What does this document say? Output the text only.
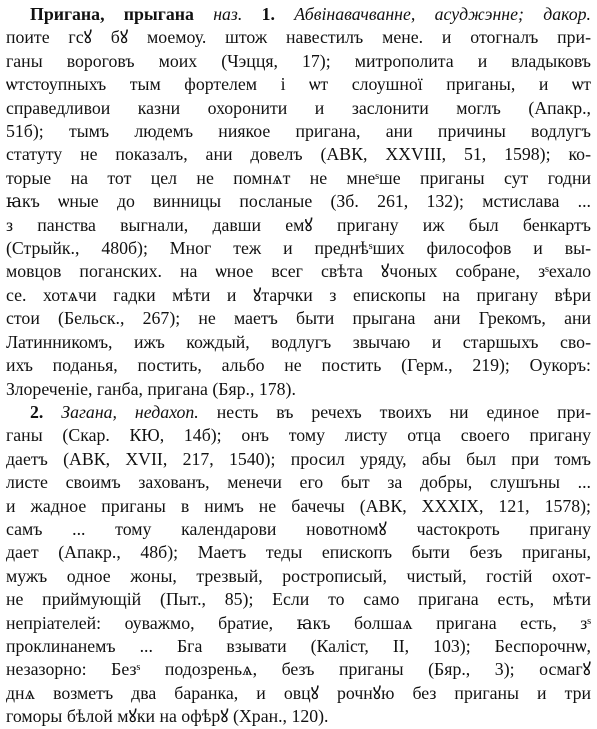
Пригана, прыгана наз. 1. Абвінавачванне, асуджэнне; дакор.
поите гсꙋ бꙋ моемоу. штож навестилъ мене. и отогналъ при-
ганы вороговъ моих (Чэцця, 17); митрополита и владыковъ
ѡтстоупныхъ тым фортелем і ѡт слоушної приганы, и ѡт
справедливои казни охоронити и заслонити моглъ (Апакр.,
51б); тымъ людемъ ниякое пригана, ани причины водлугъ
статуту не показалъ, ани довелъ (АВК, XXVIII, 51, 1598); ко-
торые на тот цел не помнѧт не мнеˢше приганы сут годни
ꙗкъ ѡные до винницы посланые (Зб. 261, 132); мстислава ...
з панства выгнали, давши емꙋ пригану иж был бенкартъ
(Стрыйк., 480б); Мног теж и преднѣˢших философов и вы-
мовцов поганских. на ѡное всег свѣта ꙋчоных собране, зˢехало
се. хотѧчи гадки мѣти и ꙋтарчки з епископы на пригану вѣри
стои (Бельск., 267); не маетъ быти прыгана ани Грекомъ, ани
Латинникомъ, ижъ кождый, водлугъ звычаю и старшыхъ сво-
ихъ поданья, постить, альбо не постить (Герм., 219); Оукоръ:
Злореченіе, ганба, пригана (Бяр., 178).
2. Загана, недахоп. несть въ речехъ твоихъ ни единое при-
ганы (Скар. КЮ, 14б); онъ тому листу отца своего пригану
даетъ (АВК, XVII, 217, 1540); просил уряду, абы был при томъ
листе своимъ захованъ, менечи его быт за добры, слушъны ...
и жадное приганы в нимъ не бачечы (АВК, XXXIX, 121, 1578);
самъ ... тому календарови новотномꙋ частокроть пригану
дает (Апакр., 48б); Маетъ теды епископъ быти безъ приганы,
мужъ одное жоны, трезвый, рострописый, чистый, гостій охот-
не приймующій (Пыт., 85); Если то само пригана есть, мѣти
непріателей: оуважмо, братие, ꙗкъ болшаѧ пригана есть, зˢ
проклинанемъ ... Бга взывати (Каліст, II, 103); Беспорочнѡ,
незазорно: Безˢ подозреньѧ, безъ приганы (Бяр., 3); осмагꙋ
днѧ возметъ два баранка, и овцꙋ рочнꙋю без приганы и три
гоморы бѣлой мꙋки на офѣрꙋ (Хран., 120).
